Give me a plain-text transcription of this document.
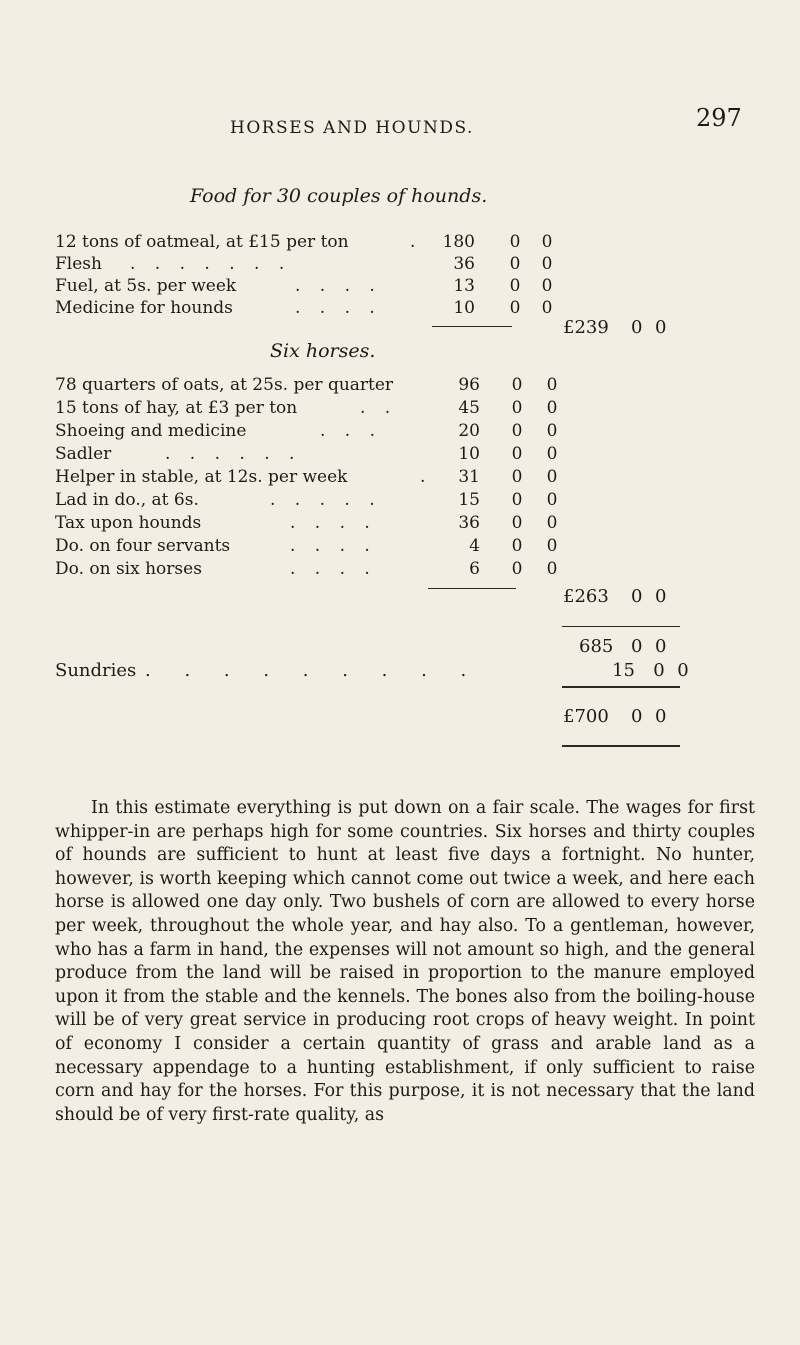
HORSES AND HOUNDS.	297
Food for 30 couples of hounds.
12 tons of oatmeal, at £15 per ton	.	180 0 0
Flesh . . . . . . .	36 0 0
Fuel, at 5s. per week	. . . .	13 0 0
Medicine for hounds	. . . .	10 0 0
£239 0 0
Six horses.
78 quarters of oats, at 25s. per quarter	96 0 0
15 tons of hay, at £3 per ton	. .	45 0 0
Shoeing and medicine	. . .	20 0 0
Sadler	. . . . . .	10 0 0
Helper in stable, at 12s. per week	.	31 0 0
Lad in do., at 6s.	. . . . .	15 0 0
Tax upon hounds	. . . .	36 0 0
Do. on four servants	. . . .	4 0 0
Do. on six horses	. . . .	6 0 0
£263 0 0
685 0 0
Sundries . . . . . . . . .	15 0 0
£700 0 0
In this estimate everything is put down on a fair scale. The wages for first whipper-in are perhaps high for some countries. Six horses and thirty couples of hounds are sufficient to hunt at least five days a fortnight. No hunter, however, is worth keeping which cannot come out twice a week, and here each horse is allowed one day only. Two bushels of corn are allowed to every horse per week, throughout the whole year, and hay also. To a gentleman, however, who has a farm in hand, the expenses will not amount so high, and the general produce from the land will be raised in proportion to the manure employed upon it from the stable and the kennels. The bones also from the boiling-house will be of very great service in producing root crops of heavy weight. In point of economy I consider a certain quantity of grass and arable land as a necessary appendage to a hunting establishment, if only sufficient to raise corn and hay for the horses. For this purpose, it is not necessary that the land should be of very first-rate quality, as
